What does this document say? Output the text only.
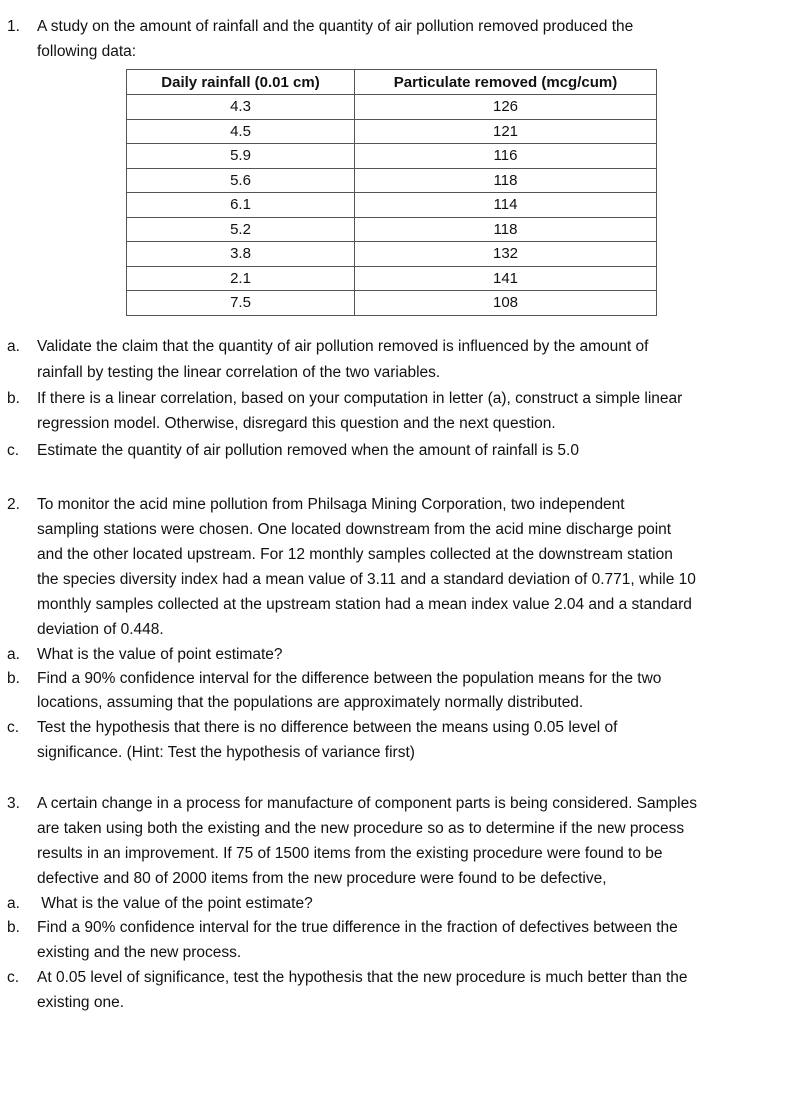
1. A study on the amount of rainfall and the quantity of air pollution removed produced the
following data:
Daily rainfall (0.01 cm)	Particulate removed (mcg/cum)
4.3	126
4.5	121
5.9	116
5.6	118
6.1	114
5.2	118
3.8	132
2.1	141
7.5	108
a. Validate the claim that the quantity of air pollution removed is influenced by the amount of
rainfall by testing the linear correlation of the two variables.
b. If there is a linear correlation, based on your computation in letter (a), construct a simple linear
regression model. Otherwise, disregard this question and the next question.
c. Estimate the quantity of air pollution removed when the amount of rainfall is 5.0
2. To monitor the acid mine pollution from Philsaga Mining Corporation, two independent
sampling stations were chosen. One located downstream from the acid mine discharge point
and the other located upstream. For 12 monthly samples collected at the downstream station
the species diversity index had a mean value of 3.11 and a standard deviation of 0.771, while 10
monthly samples collected at the upstream station had a mean index value 2.04 and a standard
deviation of 0.448.
a. What is the value of point estimate?
b. Find a 90% confidence interval for the difference between the population means for the two
locations, assuming that the populations are approximately normally distributed.
c. Test the hypothesis that there is no difference between the means using 0.05 level of
significance. (Hint: Test the hypothesis of variance first)
3. A certain change in a process for manufacture of component parts is being considered. Samples
are taken using both the existing and the new procedure so as to determine if the new process
results in an improvement. If 75 of 1500 items from the existing procedure were found to be
defective and 80 of 2000 items from the new procedure were found to be defective,
a. What is the value of the point estimate?
b. Find a 90% confidence interval for the true difference in the fraction of defectives between the
existing and the new process.
c. At 0.05 level of significance, test the hypothesis that the new procedure is much better than the
existing one.
